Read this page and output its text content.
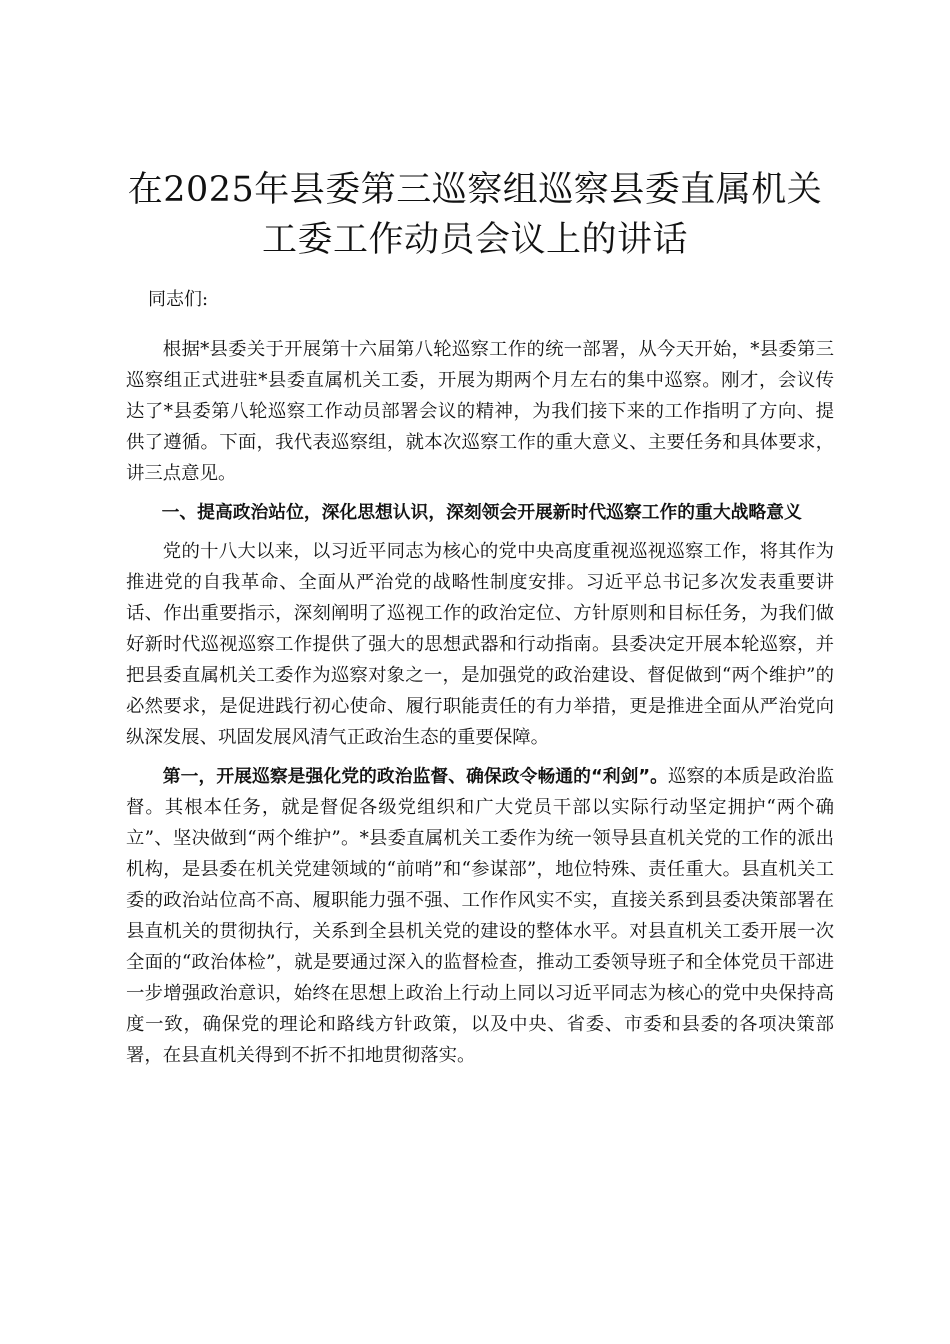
在2025年县委第三巡察组巡察县委直属机关
工委工作动员会议上的讲话

同志们:

根据*县委关于开展第十六届第八轮巡察工作的统一部署，从今天开始，*县委第三巡察组正式进驻*县委直属机关工委，开展为期两个月左右的集中巡察。刚才，会议传达了*县委第八轮巡察工作动员部署会议的精神，为我们接下来的工作指明了方向、提供了遵循。下面，我代表巡察组，就本次巡察工作的重大意义、主要任务和具体要求，讲三点意见。

一、提高政治站位，深化思想认识，深刻领会开展新时代巡察工作的重大战略意义

党的十八大以来，以习近平同志为核心的党中央高度重视巡视巡察工作，将其作为推进党的自我革命、全面从严治党的战略性制度安排。习近平总书记多次发表重要讲话、作出重要指示，深刻阐明了巡视工作的政治定位、方针原则和目标任务，为我们做好新时代巡视巡察工作提供了强大的思想武器和行动指南。县委决定开展本轮巡察，并把县委直属机关工委作为巡察对象之一，是加强党的政治建设、督促做到“两个维护”的必然要求，是促进践行初心使命、履行职能责任的有力举措，更是推进全面从严治党向纵深发展、巩固发展风清气正政治生态的重要保障。

第一，开展巡察是强化党的政治监督、确保政令畅通的“利剑”。巡察的本质是政治监督。其根本任务，就是督促各级党组织和广大党员干部以实际行动坚定拥护“两个确立”、坚决做到“两个维护”。*县委直属机关工委作为统一领导县直机关党的工作的派出机构，是县委在机关党建领域的“前哨”和“参谋部”，地位特殊、责任重大。县直机关工委的政治站位高不高、履职能力强不强、工作作风实不实，直接关系到县委决策部署在县直机关的贯彻执行，关系到全县机关党的建设的整体水平。对县直机关工委开展一次全面的“政治体检”，就是要通过深入的监督检查，推动工委领导班子和全体党员干部进一步增强政治意识，始终在思想上政治上行动上同以习近平同志为核心的党中央保持高度一致，确保党的理论和路线方针政策，以及中央、省委、市委和县委的各项决策部署，在县直机关得到不折不扣地贯彻落实。
